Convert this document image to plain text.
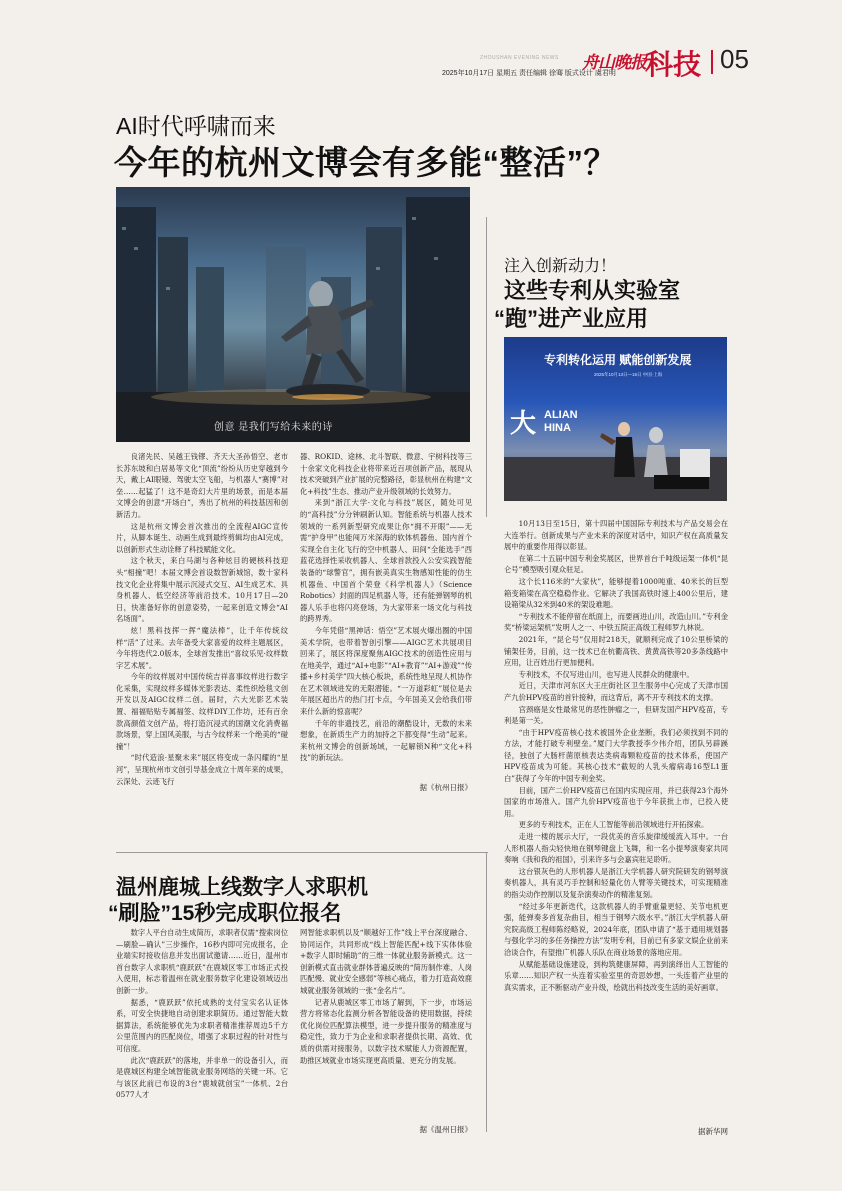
ZHOUSHAN EVENING NEWS 舟山晚报 科技 05
2025年10月17日 星期五 责任编辑 徐骞 版式设计 虞君明
AI时代呼啸而来
今年的杭州文博会有多能“整活”？
创意 是我们写给未来的诗

良渚先民、吴越王钱镠、齐天大圣孙悟空、老市长苏东坡和白居易等文化“顶流”纷纷从历史穿越到今天，戴上AI眼镜、驾驶太空飞船，与机器人“赛博”对垒……起猛了！这不是奇幻大片里的场景，而是本届文博会的创意“开场白”，秀出了杭州的科技基因和创新活力。

这是杭州文博会首次推出的全流程AIGC宣传片，从脚本诞生、动画生成到最终剪辑均由AI完成，以创新形式生动诠释了科技赋能文化。

这个秋天，来白马湖与各种炫目的硬核科技迎头“相撞”吧！本届文博会首设数智新城馆，数十家科技文化企业将集中展示沉浸式交互、AI生成艺术、具身机器人、低空经济等前沿技术。10月17日—20日，快准备好你的创意姿势，一起来创造文博会“AI名场面”。

炫！黑科技挥一挥“魔法棒”，让千年传统纹样“活”了过来。去年备受大家喜爱的纹样主题展区，今年将迭代2.0版本，全球首发推出“喜纹乐见·纹样数字艺术展”。

今年的纹样展对中国传统吉祥喜事纹样进行数字化采集，实现纹样多媒体光影表达、柔性织绘毯文创开发以及AIGC纹样二创。届时，六大光影艺术装置、福福贴贴专属福签、纹样DIY工作坊，还有百余款高颜值文创产品，将打造沉浸式的国潮文化消费福款场景，穿上国风美服，与古今纹样来一个绝美的“碰撞”！

“时代造浪·星聚未来”展区将变成一条闪耀的“星河”，呈现杭州市文创引导基金成立十周年来的成果，云深处、云迹飞行

器、ROKID、途林、北斗智联、微意、宇树科技等三十余家文化科技企业将带来近百项创新产品，展现从技术突破到产业扩展的完整路径，彰显杭州在构建“文化+科技”生态、推动产业升级领域的长效努力。

来到“浙江大学·文化与科技”展区，随处可见的“高科技”分分钟刷新认知。智能系统与机器人技术领域的一系列新型研究成果让你“拥不开眼”——无需“护身甲”也能闯万米深海的软体机器鱼、国内首个实现全自主化飞行的空中机器人、田间“全能选手”西蓝花选择性采收机器人、全球首款投入公安实践智能装备的“球警官”，拥有嵌美真实生物感知性能的仿生机器鱼、中国首个荣登《科学机器人》（Science Robotics）封面的四足机器人等，还有能弹钢琴的机器人乐手也将闪亮登场，为大家带来一场文化与科技的跨界秀。

今年凭借“黑神话：悟空”艺术展火爆出圈的中国美术学院，也带着智创引擎——AIGC艺术共展项目回来了，展区将深度聚焦AIGC技术的创造性应用与在地美学，通过“AI+电影”“AI+教育”“AI+游戏”“传播+乡村美学”四大核心板块，系统性地呈现人机协作在艺术领域进发的无限潜能。“一万道彩虹”展位是去年展区超出片的热门打卡点，今年国美又会给我们带来什么新的惊喜呢？

千年的非遗技艺，前沿的潮酷设计，无数的未来想象，在新质生产力的加持之下都变得“生动”起来。来杭州文博会的创新场域，一起解锁N种“文化+科技”的新玩法。

据《杭州日报》
注入创新动力！
这些专利从实验室
“跑”进产业应用
专利转化运用 赋能创新发展
2025年10月13日—15日 中国·上海
大 ALIAN HINA

10月13日至15日，第十四届中国国际专利技术与产品交易会在大连举行。创新成果与产业未来的深度对话中，知识产权在高质量发展中的重要作用得以彰显。

在第二十五届中国专利金奖展区，世界首台千吨级运架一体机“昆仑号”模型吸引观众驻足。

这个长116米的“大家伙”，能够提着1000吨重、40米长的巨型箱变箱梁在高空稳稳作业。它解决了我国高铁时速上400公里后，建设箱梁从32米到40米的架设难题。

“专利技术不能停留在纸面上，而要画进山川，改造山川。”专利金奖“桥梁运架机”发明人之一、中铁五院正高级工程师罗九林说。

2021年，“昆仑号”仅用时218天，就顺利完成了10公里桥梁的铺架任务，目前，这一技术已在杭衢高铁、黄黄高铁等20多条线路中应用，让百姓出行更加便利。

专利技术，不仅写进山川，也写进人民群众的健康中。

近日，天津市河东区大王庄街社区卫生服务中心完成了天津市国产九价HPV疫苗的首针接种，而这背后，离不开专利技术的支撑。

宫颈癌是女性最常见的恶性肿瘤之一，但研发国产HPV疫苗，专利是第一关。

“由于HPV疫苗核心技术被国外企业垄断，我们必须找到不同的方法，才能打破专利壁垒。”厦门大学教授李少伟介绍，团队另辟蹊径，独创了大肠杆菌原核表达类病毒颗粒疫苗的技术体系，使国产HPV疫苗成为可能。其核心技术“截短的人乳头瘤病毒16型L1蛋白”获得了今年的中国专利金奖。

目前，国产二价HPV疫苗已在国内实现应用，并已获得23个海外国家的市场准入。国产九价HPV疫苗也于今年获批上市，已投入使用。

更多的专利技术，正在人工智能等前沿领域进行开拓探索。

走进一楼的展示大厅，一段优美的音乐旋律缓缓流入耳中。一台人形机器人指尖轻快地在钢琴键盘上飞舞，和一名小提琴演奏家共同奏响《我和我的祖国》，引来许多与会嘉宾驻足聆听。

这台银灰色的人形机器人是浙江大学机器人研究院研发的钢琴演奏机器人，具有灵巧手控制和轻量化仿人臂等关键技术，可实现精准的指尖动作控制以及复杂演奏动作的精准复刻。

“经过多年更新迭代，这款机器人的手臂重量更轻、关节电机更强，能弹奏多首复杂曲目，相当于钢琴六级水平。”浙江大学机器人研究院高级工程师陈经略说，2024年底，团队申请了“基于通用规划器与强化学习的多任务操控方法”发明专利，目前已有多家文娱企业前来洽谈合作，有望推广机器人乐队在商业场景的落地应用。

从赋能基础设施建设，到构筑健康屏障，再到演绎出人工智能的乐章……知识产权一头连着实验室里的奇思妙想，一头连着产业里的真实需求，正不断驱动产业升级，绘就出科技改变生活的美好画章。

据新华网
温州鹿城上线数字人求职机
“刷脸”15秒完成职位报名

数字人平台自动生成简历，求职者仅需“搜索岗位—刷脸—确认”三步操作，16秒内即可完成报名，企业端实时接收信息并发出面试邀请……近日，温州市首台数字人求职机“鹿跃跃”在鹿城区零工市场正式投入使用，标志着温州在就业服务数字化建设领域迈出创新一步。

据悉，“鹿跃跃”依托成熟的支付宝实名认证体系，可安全快捷地自动创建求职简历。通过智能大数据算法，系统能够优先为求职者精准推荐周边5千方公里范围内的匹配岗位，增强了求职过程的针对性与可信度。

此次“鹿跃跃”的落地，并非单一的设备引入，而是鹿城区构建全域智能就业服务网络的关键一环。它与该区此前已布设的3台“鹿城就创宝”一体机、2台0577人才

网智能求职机以及“顺越好工作”线上平台深度融合、协同运作，共同形成“线上智能匹配+线下实体体验+数字人即时辅助”的三维一体就业服务新模式。这一创新模式直击就业群体普遍反映的“简历制作难、人岗匹配慢、就业安全感弱”等核心痛点，着力打造高效鹿城就业服务领域的一张“金名片”。

记者从鹿城区零工市场了解到，下一步，市场运营方将常态化监测分析各智能设备的使用数据，持续优化岗位匹配算法模型，进一步提升服务的精准度与稳定性，致力于为企业和求职者提供长期、高效、优质的供需对接服务，以数字技术赋能人力资源配置，助推区域就业市场实现更高质量、更充分的发展。

据《温州日报》
